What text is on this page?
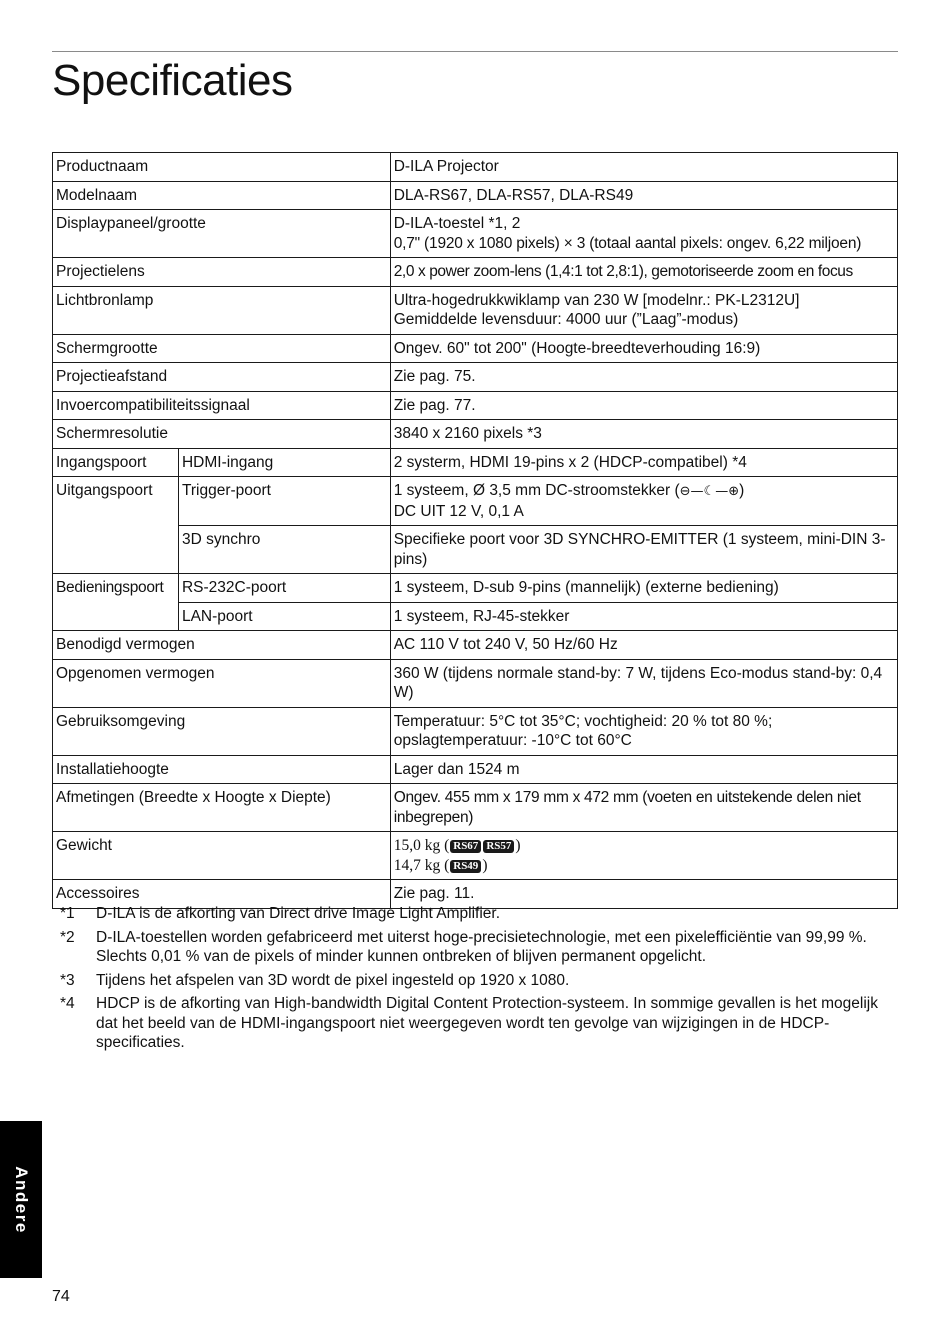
Specificaties
Productnaam		D-ILA Projector
Modelnaam		DLA-RS67, DLA-RS57, DLA-RS49
Displaypaneel/grootte		D-ILA-toestel *1, 2
0,7" (1920 x 1080 pixels) × 3 (totaal aantal pixels: ongev. 6,22 miljoen)

Projectielens		2,0 x power zoom-lens (1,4:1 tot 2,8:1), gemotoriseerde zoom en focus
Lichtbronlamp		Ultra-hogedrukkwiklamp van 230 W [modelnr.: PK-L2312U]
Gemiddelde levensduur: 4000 uur (”Laag”-modus)

Schermgrootte		Ongev. 60" tot 200" (Hoogte-breedteverhouding 16:9)
Projectieafstand		Zie pag. 75.
Invoercompatibiliteitssignaal		Zie pag. 77.
Schermresolutie		3840 x 2160 pixels *3
Ingangspoort	HDMI-ingang	2 systerm, HDMI 19-pins x 2 (HDCP-compatibel) *4
Uitgangspoort	Trigger-poort	1 systeem, Ø 3,5 mm DC-stroomstekker (⊖—☾—⊕)
DC UIT 12 V, 0,1 A

	3D synchro	Specifieke poort voor 3D SYNCHRO-EMITTER (1 systeem, mini-DIN 3-pins)
Bedieningspoort	RS-232C-poort	1 systeem, D-sub 9-pins (mannelijk) (externe bediening)
	LAN-poort	1 systeem, RJ-45-stekker
Benodigd vermogen		AC 110 V tot 240 V, 50 Hz/60 Hz
Opgenomen vermogen		360 W (tijdens normale stand-by: 7 W, tijdens Eco-modus stand-by: 0,4 W)
Gebruiksomgeving		Temperatuur: 5°C tot 35°C; vochtigheid: 20 % tot 80 %;
opslagtemperatuur: -10°C tot 60°C

Installatiehoogte		Lager dan 1524 m
Afmetingen (Breedte x Hoogte x Diepte)		Ongev. 455 mm x 179 mm x 472 mm (voeten en uitstekende delen niet inbegrepen)
Gewicht		15,0 kg ( RS67 RS57 )
14,7 kg ( RS49 )

Accessoires		Zie pag. 11.
*1	D-ILA is de afkorting van Direct drive Image Light Amplifier.
*2	D-ILA-toestellen worden gefabriceerd met uiterst hoge-precisietechnologie, met een pixelefficiëntie van 99,99 %. Slechts 0,01 % van de pixels of minder kunnen ontbreken of blijven permanent opgelicht.
*3	Tijdens het afspelen van 3D wordt de pixel ingesteld op 1920 x 1080.
*4	HDCP is de afkorting van High-bandwidth Digital Content Protection-systeem. In sommige gevallen is het mogelijk dat het beeld van de HDMI-ingangspoort niet weergegeven wordt ten gevolge van wijzigingen in de HDCP-specificaties.
Andere
74
